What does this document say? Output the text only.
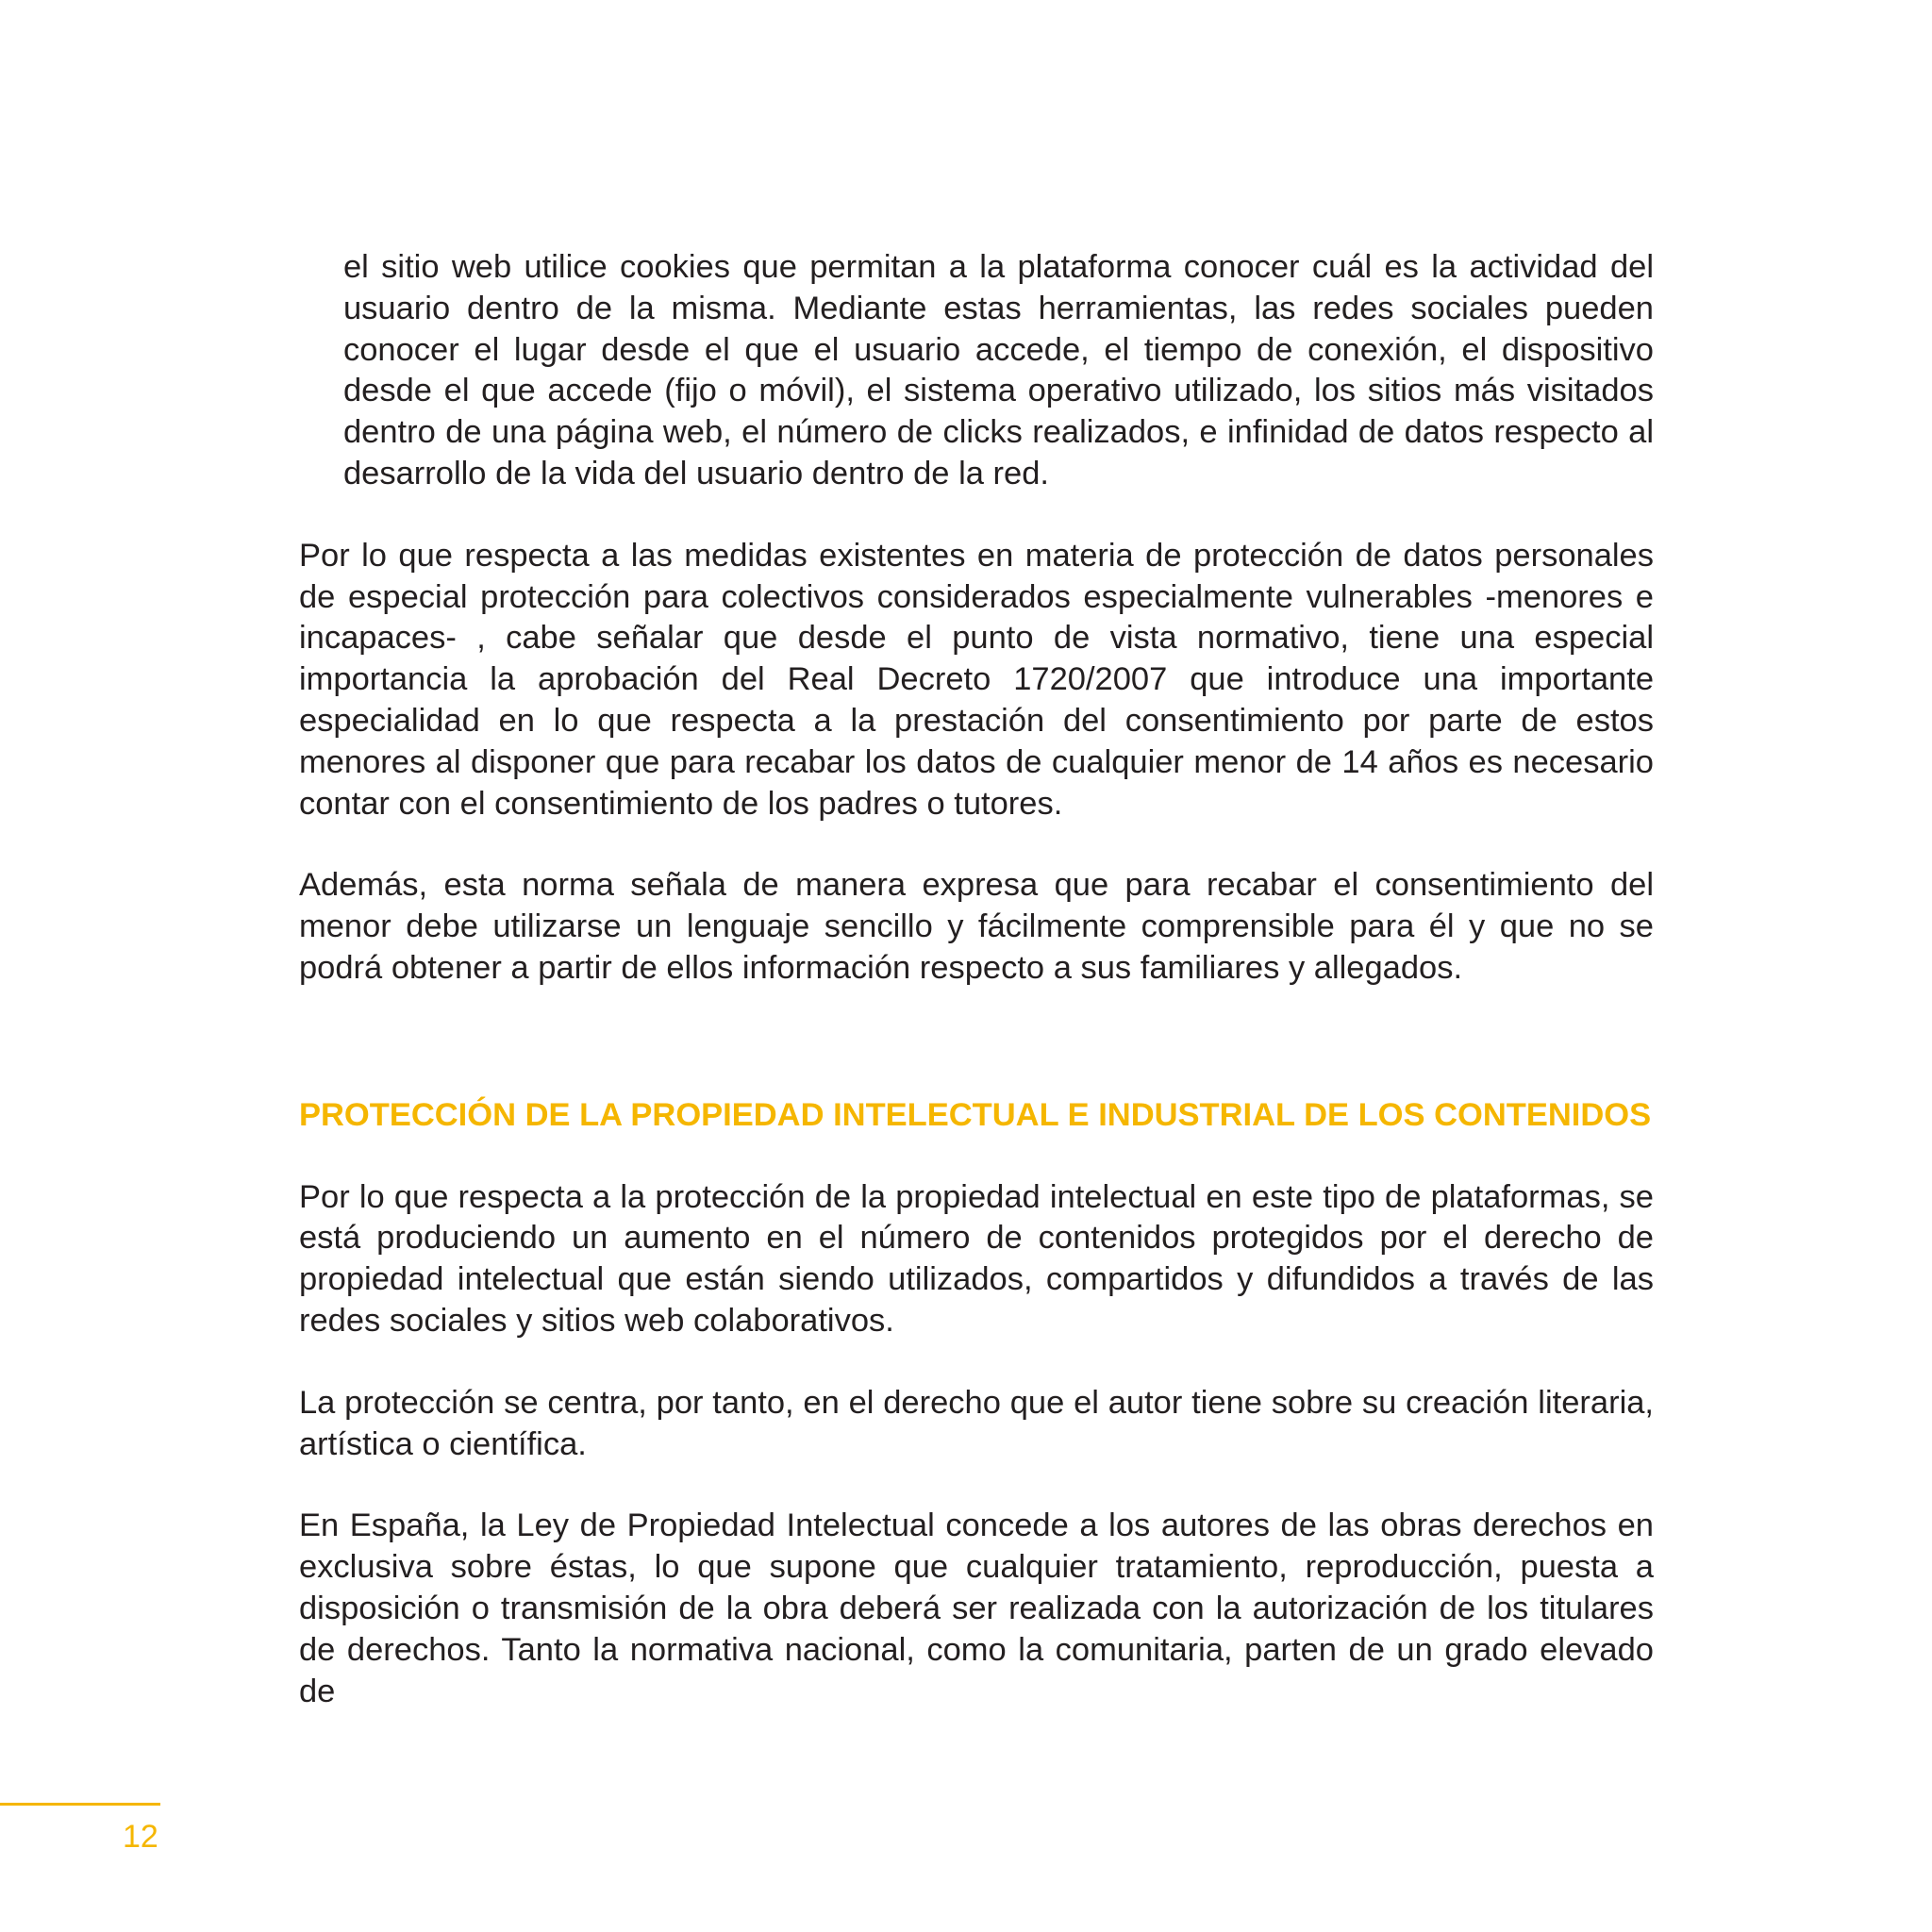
el sitio web utilice cookies que permitan a la plataforma conocer cuál es la actividad del usuario dentro de la misma. Mediante estas herramientas, las redes sociales pueden conocer el lugar desde el que el usuario accede, el tiempo de conexión, el dispositivo desde el que accede (fijo o móvil), el sistema operativo utilizado, los sitios más visitados dentro de una página web, el número de clicks realizados, e infinidad de datos respecto al desarrollo de la vida del usuario dentro de la red.

Por lo que respecta a las medidas existentes en materia de protección de datos personales de especial protección para colectivos considerados especialmente vulnerables -menores e incapaces- , cabe señalar que desde el punto de vista normativo, tiene una especial importancia la aprobación del Real Decreto 1720/2007 que introduce una importante especialidad en lo que respecta a la prestación del consentimiento por parte de estos menores al disponer que para recabar los datos de cualquier menor de 14 años es necesario contar con el consentimiento de los padres o tutores.

Además, esta norma señala de manera expresa que para recabar el consentimiento del menor debe utilizarse un lenguaje sencillo y fácilmente comprensible para él y que no se podrá obtener a partir de ellos información respecto a sus familiares y allegados.

PROTECCIÓN DE LA PROPIEDAD INTELECTUAL E INDUSTRIAL DE LOS CONTENIDOS

Por lo que respecta a la protección de la propiedad intelectual en este tipo de plataformas, se está produciendo un aumento en el número de contenidos protegidos por el derecho de propiedad intelectual que están siendo utilizados, compartidos y difundidos a través de las redes sociales y sitios web colaborativos.

La protección se centra, por tanto, en el derecho que el autor tiene sobre su creación literaria, artística o científica.

En España, la Ley de Propiedad Intelectual concede a los autores de las obras derechos en exclusiva sobre éstas, lo que supone que cualquier tratamiento, reproducción, puesta a disposición o transmisión de la obra deberá ser realizada con la autorización de los titulares de derechos. Tanto la normativa nacional, como la comunitaria, parten de un grado elevado de

12
